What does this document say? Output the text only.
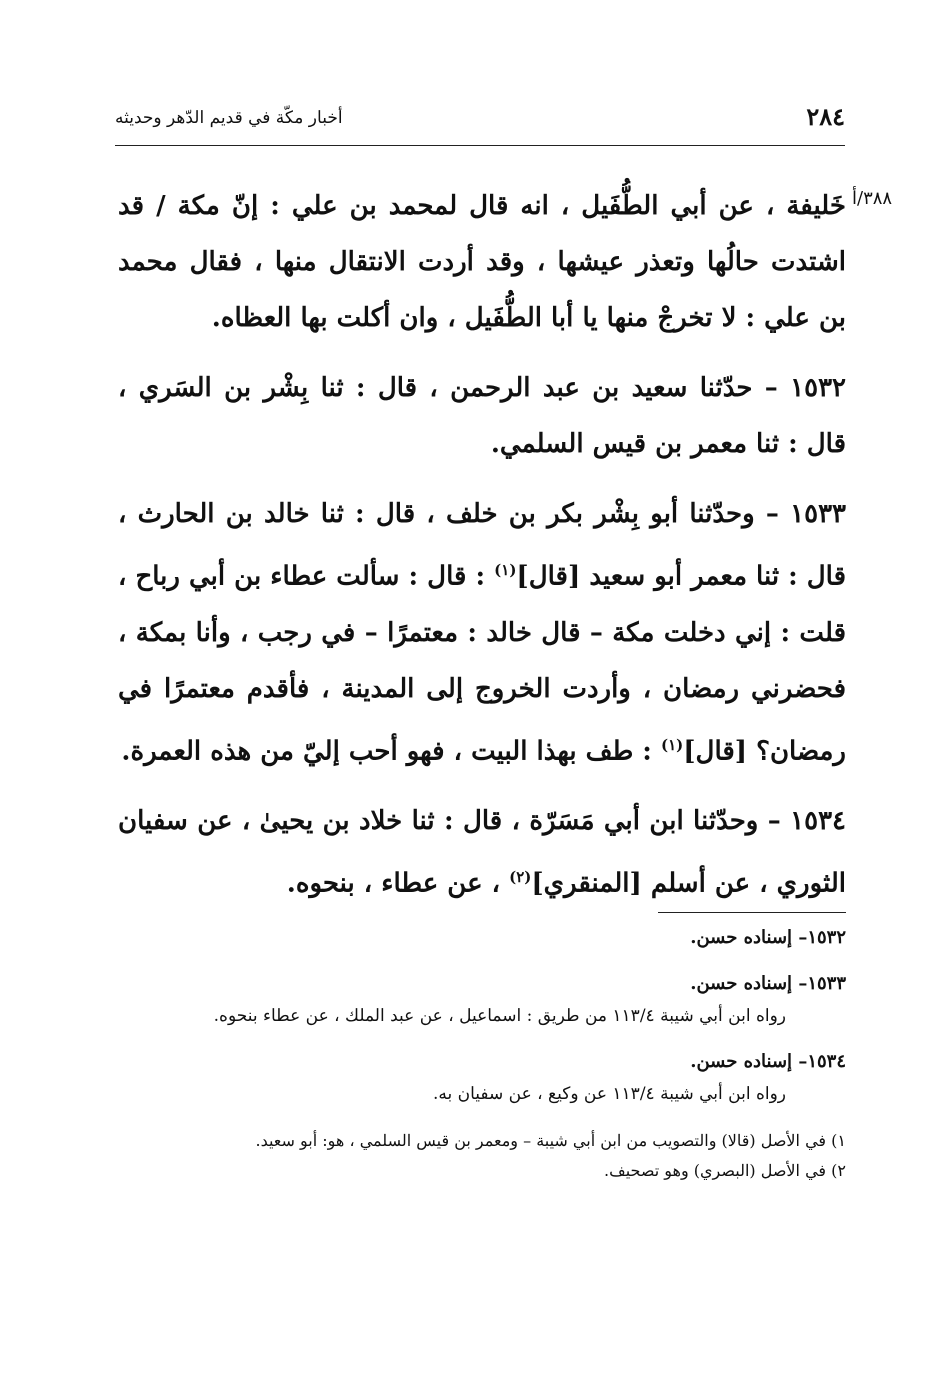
٢٨٤
أخبار مكّة في قديم الدّهر وحديثه
٣٨٨/أ

خَليفة ، عن أبي الطُّفَيل ، انه قال لمحمد بن علي : إنّ مكة / قد اشتدت حالُها وتعذر عيشها ، وقد أردت الانتقال منها ، فقال محمد بن علي : لا تخرجْ منها يا أبا الطُّفَيل ، وان أكلت بها العظاه.

١٥٣٢ – حدّثنا سعيد بن عبد الرحمن ، قال : ثنا بِشْر بن السَري ، قال : ثنا معمر بن قيس السلمي.

١٥٣٣ – وحدّثنا أبو بِشْر بكر بن خلف ، قال : ثنا خالد بن الحارث ، قال : ثنا معمر أبو سعيد [قال]$^{(١)}$ : قال : سألت عطاء بن أبي رباح ، قلت : إني دخلت مكة – قال خالد : معتمرًا – في رجب ، وأنا بمكة ، فحضرني رمضان ، وأردت الخروج إلى المدينة ، فأقدم معتمرًا في رمضان؟ [قال]$^{(١)}$ : طف بهذا البيت ، فهو أحب إليّ من هذه العمرة.

١٥٣٤ – وحدّثنا ابن أبي مَسَرّة ، قال : ثنا خلاد بن يحيىٰ ، عن سفيان الثوري ، عن أسلم [المنقري]$^{(٢)}$ ، عن عطاء ، بنحوه.

١٥٣٢– إسناده حسن.
١٥٣٣– إسناده حسن.
رواه ابن أبي شيبة ١١٣/٤ من طريق : اسماعيل ، عن عبد الملك ، عن عطاء بنحوه.
١٥٣٤– إسناده حسن.
رواه ابن أبي شيبة ١١٣/٤ عن وكيع ، عن سفيان به.
١) في الأصل (قالا) والتصويب من ابن أبي شيبة – ومعمر بن قيس السلمي ، هو: أبو سعيد.
٢) في الأصل (البصري) وهو تصحيف.
